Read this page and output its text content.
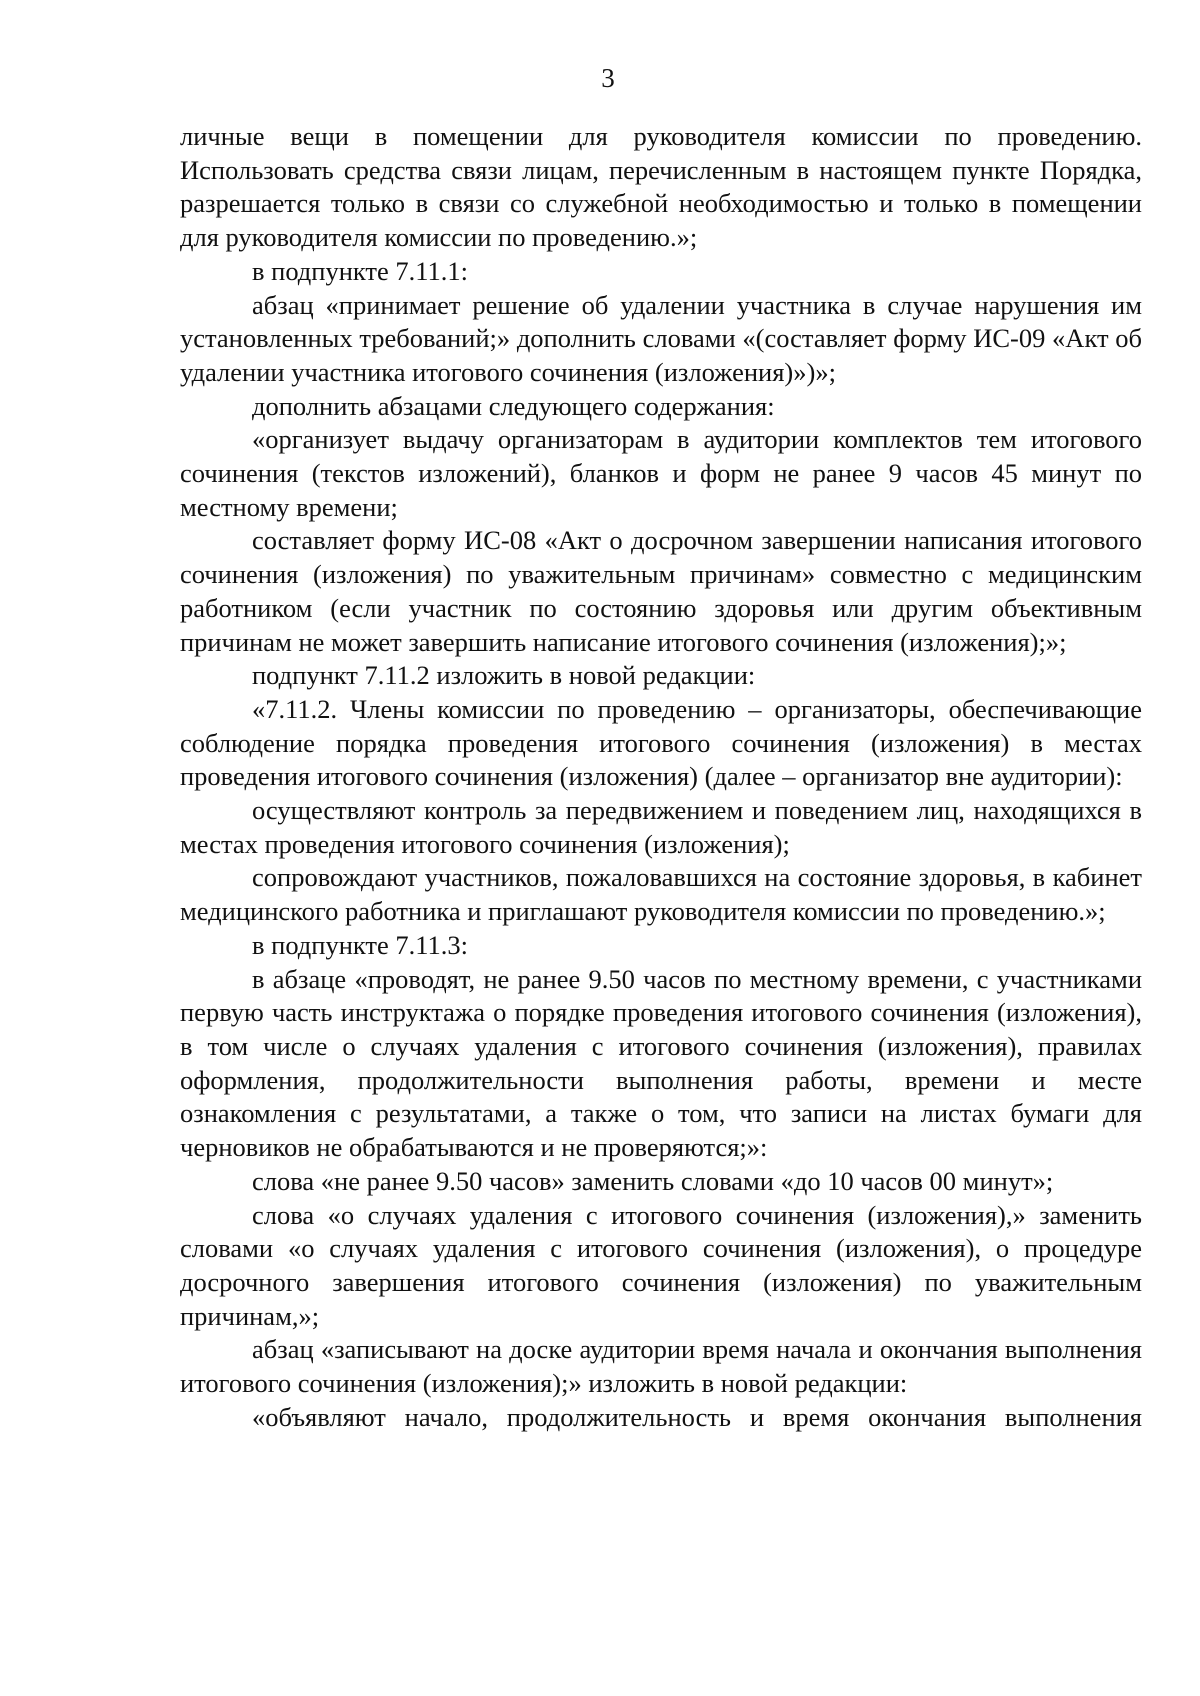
3

личные вещи в помещении для руководителя комиссии по проведению. Использовать средства связи лицам, перечисленным в настоящем пункте Порядка, разрешается только в связи со служебной необходимостью и только в помещении для руководителя комиссии по проведению.»;

в подпункте 7.11.1:

абзац «принимает решение об удалении участника в случае нарушения им установленных требований;» дополнить словами «(составляет форму ИС-09 «Акт об удалении участника итогового сочинения (изложения)»)»;

дополнить абзацами следующего содержания:

«организует выдачу организаторам в аудитории комплектов тем итогового сочинения (текстов изложений), бланков и форм не ранее 9 часов 45 минут по местному времени;

составляет форму ИС-08 «Акт о досрочном завершении написания итогового сочинения (изложения) по уважительным причинам» совместно с медицинским работником (если участник по состоянию здоровья или другим объективным причинам не может завершить написание итогового сочинения (изложения);»;

подпункт 7.11.2 изложить в новой редакции:

«7.11.2. Члены комиссии по проведению – организаторы, обеспечивающие соблюдение порядка проведения итогового сочинения (изложения) в местах проведения итогового сочинения (изложения) (далее – организатор вне аудитории):

осуществляют контроль за передвижением и поведением лиц, находящихся в местах проведения итогового сочинения (изложения);

сопровождают участников, пожаловавшихся на состояние здоровья, в кабинет медицинского работника и приглашают руководителя комиссии по проведению.»;

в подпункте 7.11.3:

в абзаце «проводят, не ранее 9.50 часов по местному времени, с участниками первую часть инструктажа о порядке проведения итогового сочинения (изложения), в том числе о случаях удаления с итогового сочинения (изложения), правилах оформления, продолжительности выполнения работы, времени и месте ознакомления с результатами, а также о том, что записи на листах бумаги для черновиков не обрабатываются и не проверяются;»:

слова «не ранее 9.50 часов» заменить словами «до 10 часов 00 минут»;

слова «о случаях удаления с итогового сочинения (изложения),» заменить словами «о случаях удаления с итогового сочинения (изложения), о процедуре досрочного завершения итогового сочинения (изложения) по уважительным причинам,»;

абзац «записывают на доске аудитории время начала и окончания выполнения итогового сочинения (изложения);» изложить в новой редакции:

«объявляют начало, продолжительность и время окончания выполнения
